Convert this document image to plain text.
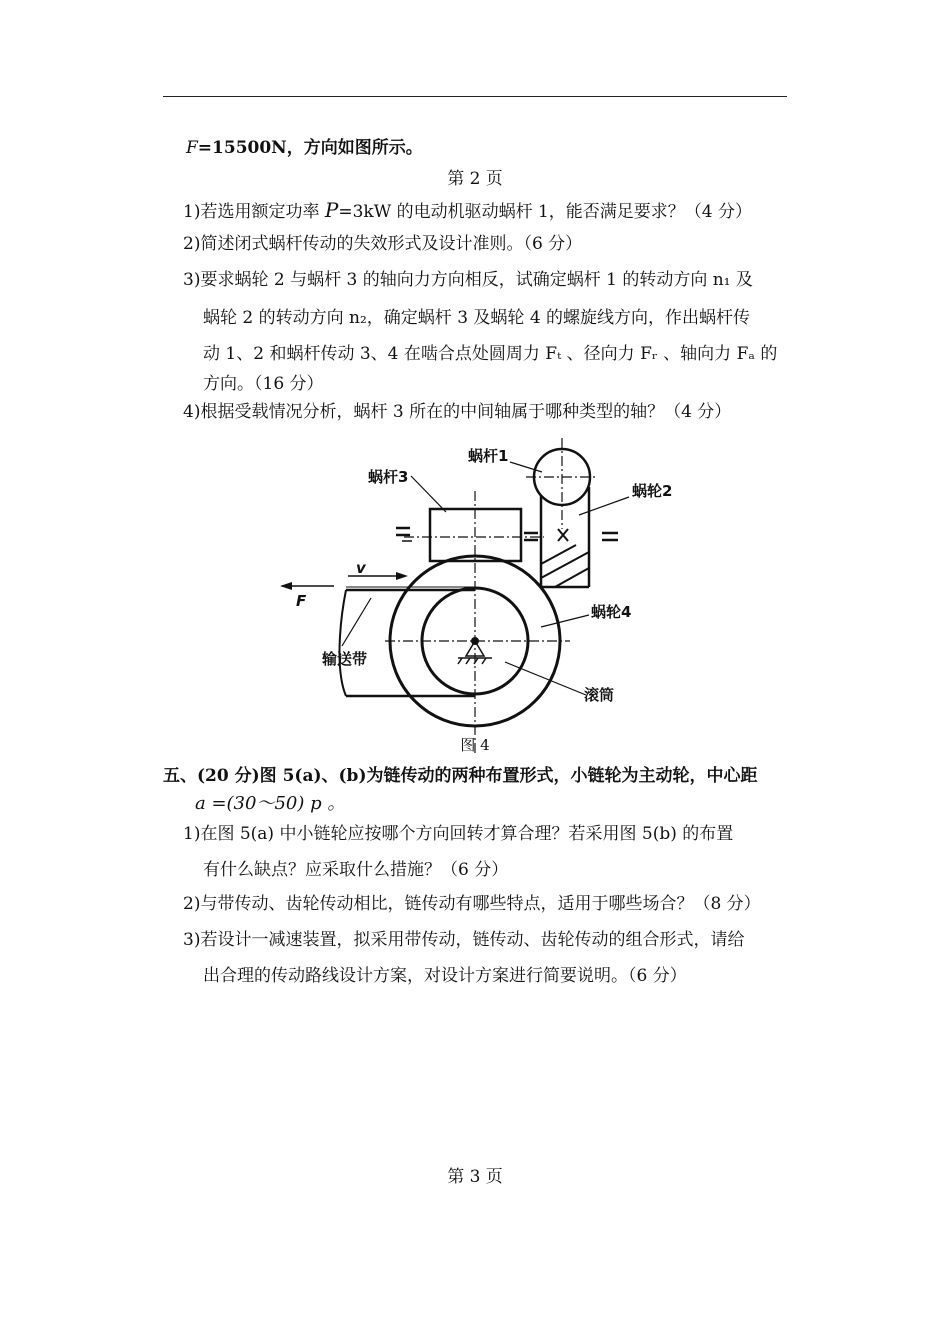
F=15500N，方向如图所示。
第 2 页
1)若选用额定功率 P=3kW 的电动机驱动蜗杆 1，能否满足要求？（4 分）
2)简述闭式蜗杆传动的失效形式及设计准则。（6 分）
3)要求蜗轮 2 与蜗杆 3 的轴向力方向相反，试确定蜗杆 1 的转动方向 n₁ 及
蜗轮 2 的转动方向 n₂，确定蜗杆 3 及蜗轮 4 的螺旋线方向，作出蜗杆传
动 1、2 和蜗杆传动 3、4 在啮合点处圆周力 Fₜ 、径向力 Fᵣ 、轴向力 Fₐ 的
方向。（16 分）
4)根据受载情况分析，蜗杆 3 所在的中间轴属于哪种类型的轴？（4 分）
蜗杆1
蜗杆3
蜗轮2
蜗轮4
v
F
输送带
滚筒
图 4
五、(20 分)图 5(a)、(b)为链传动的两种布置形式，小链轮为主动轮，中心距
a =(30～50) p 。
1)在图 5(a) 中小链轮应按哪个方向回转才算合理？若采用图 5(b) 的布置
有什么缺点？应采取什么措施？（6 分）
2)与带传动、齿轮传动相比，链传动有哪些特点，适用于哪些场合？（8 分）
3)若设计一减速装置，拟采用带传动，链传动、齿轮传动的组合形式，请给
出合理的传动路线设计方案，对设计方案进行简要说明。（6 分）
第 3 页
